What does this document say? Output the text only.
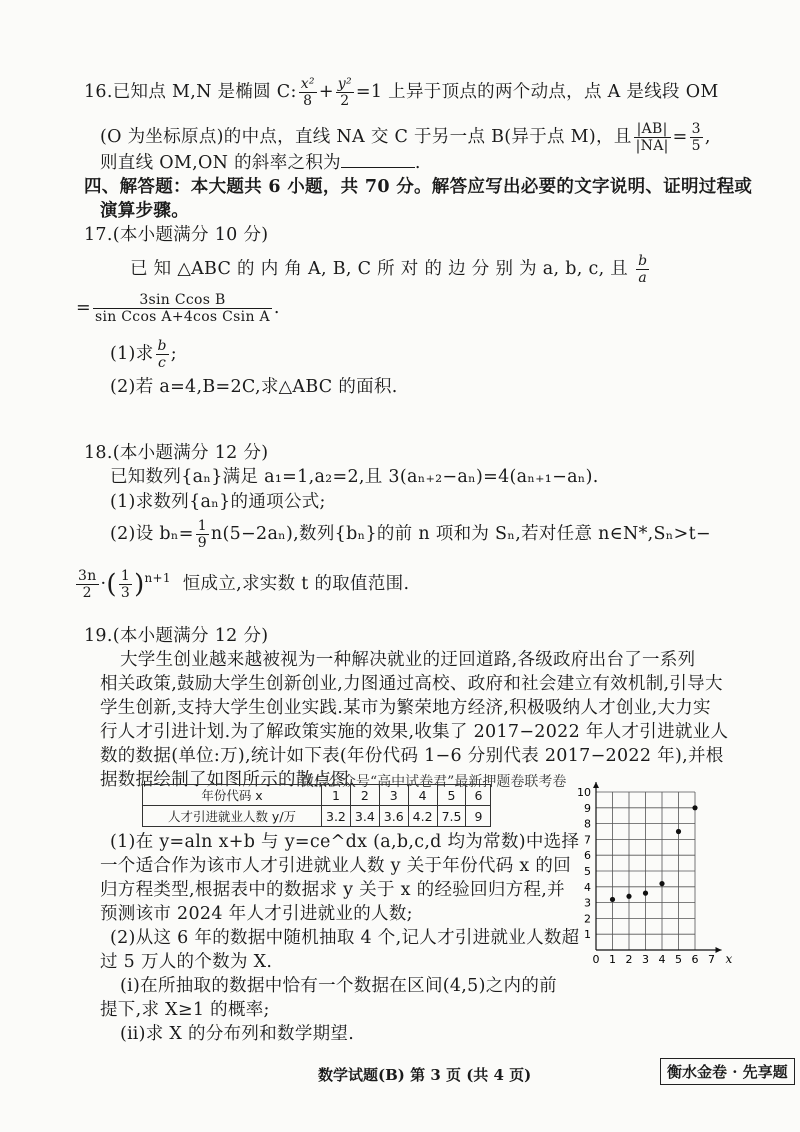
16.已知点 M,N 是椭圆 C: $\frac{\text{x²}}{8} + \frac{\text{y²}}{2} =1$ 上异于顶点的两个动点，点 A 是线段 OM
(O 为坐标原点)的中点，直线 NA 交 C 于另一点 B(异于点 M)，且 $\frac{|AB|}{|NA|} = \frac{3}{5}$ ,
则直线 OM,ON 的斜率之积为	.
四、解答题：本大题共 6 小题，共 70 分。解答应写出必要的文字说明、证明过程或
演算步骤。
17.(本小题满分 10 分)
已 知 △ABC 的 内 角 A, B, C 所 对 的 边 分 别 为 a, b, c, 且 $\frac{b}{a}$
= $\frac{\text{3sin Ccos B}}{\text{sin Ccos A+4cos Csin A}}$ .
(1)求 $\frac{b}{c}$ ;
(2)若 a=4,B=2C,求△ABC 的面积.
18.(本小题满分 12 分)
已知数列{aₙ}满足 a₁=1,a₂=2,且 3(aₙ₊₂−aₙ)=4(aₙ₊₁−aₙ).
(1)求数列{aₙ}的通项公式;
(2)设 $b_n= \frac{1}{9} n(5-2a_n)$,数列{bₙ}的前 n 项和为 Sₙ,若对任意 n∈N*,Sₙ>t−
$\frac{3n}{2}$ ·( $\frac{1}{3} )^{n+1}$ 恒成立,求实数 t 的取值范围.
19.(本小题满分 12 分)
大学生创业越来越被视为一种解决就业的迂回道路,各级政府出台了一系列
相关政策,鼓励大学生创新创业,力图通过高校、政府和社会建立有效机制,引导大
学生创新,支持大学生创业实践.某市为繁荣地方经济,积极吸纳人才创业,大力实
行人才引进计划.为了解政策实施的效果,收集了 2017−2022 年人才引进就业人
数的数据(单位:万),统计如下表(年份代码 1−6 分别代表 2017−2022 年),并根
据数据绘制了如图所示的散点图.
微信公众号“高中试卷君”最新押题卷联考卷
年份代码 x	1	2	3	4	5	6
人才引进就业人数 y/万	3.2	3.4	3.6	4.2	7.5	9
(1)在 y=aln x+b 与 y=ce^dx (a,b,c,d 均为常数)中选择
一个适合作为该市人才引进就业人数 y 关于年份代码 x 的回
归方程类型,根据表中的数据求 y 关于 x 的经验回归方程,并
预测该市 2024 年人才引进就业的人数;
(2)从这 6 年的数据中随机抽取 4 个,记人才引进就业人数超
过 5 万人的个数为 X.
(ⅰ)在所抽取的数据中恰有一个数据在区间(4,5)之内的前
提下,求 X≥1 的概率;
(ⅱ)求 X 的分布列和数学期望.
0 1 2 3 4 5 6 7
1
2
3
4
5
6
7
8
9
10
x
数学试题(B) 第 3 页 (共 4 页)	衡水金卷 · 先享题
